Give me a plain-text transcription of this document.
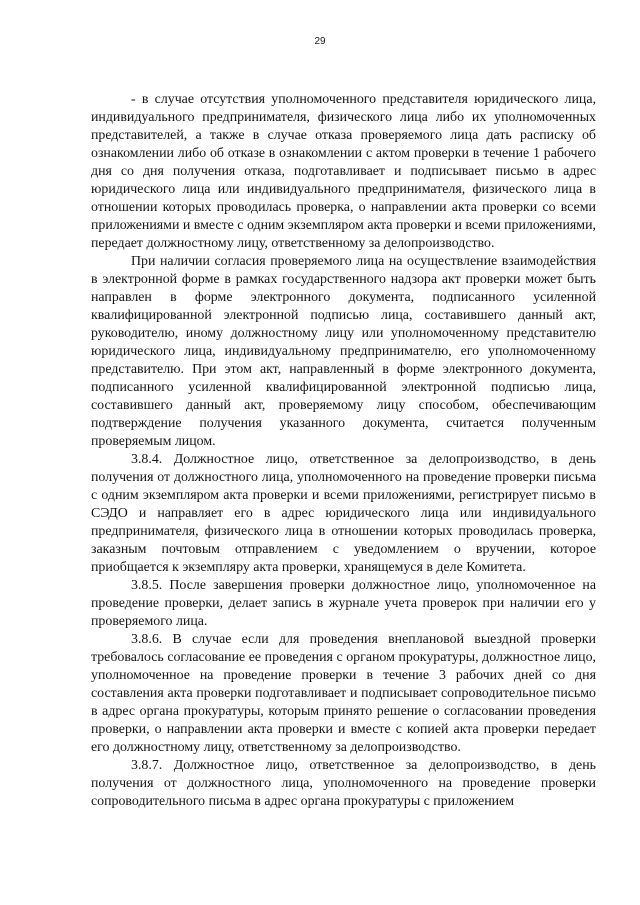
29

- в случае отсутствия уполномоченного представителя юридического лица, индивидуального предпринимателя, физического лица либо их уполномоченных представителей, а также в случае отказа проверяемого лица дать расписку об ознакомлении либо об отказе в ознакомлении с актом проверки в течение 1 рабочего дня со дня получения отказа, подготавливает и подписывает письмо в адрес юридического лица или индивидуального предпринимателя, физического лица в отношении которых проводилась проверка, о направлении акта проверки со всеми приложениями и вместе с одним экземпляром акта проверки и всеми приложениями, передает должностному лицу, ответственному за делопроизводство.

При наличии согласия проверяемого лица на осуществление взаимодействия в электронной форме в рамках государственного надзора акт проверки может быть направлен в форме электронного документа, подписанного усиленной квалифицированной электронной подписью лица, составившего данный акт, руководителю, иному должностному лицу или уполномоченному представителю юридического лица, индивидуальному предпринимателю, его уполномоченному представителю. При этом акт, направленный в форме электронного документа, подписанного усиленной квалифицированной электронной подписью лица, составившего данный акт, проверяемому лицу способом, обеспечивающим подтверждение получения указанного документа, считается полученным проверяемым лицом.

3.8.4. Должностное лицо, ответственное за делопроизводство, в день получения от должностного лица, уполномоченного на проведение проверки письма с одним экземпляром акта проверки и всеми приложениями, регистрирует письмо в СЭДО и направляет его в адрес юридического лица или индивидуального предпринимателя, физического лица в отношении которых проводилась проверка, заказным почтовым отправлением с уведомлением о вручении, которое приобщается к экземпляру акта проверки, хранящемуся в деле Комитета.

3.8.5. После завершения проверки должностное лицо, уполномоченное на проведение проверки, делает запись в журнале учета проверок при наличии его у проверяемого лица.

3.8.6. В случае если для проведения внеплановой выездной проверки требовалось согласование ее проведения с органом прокуратуры, должностное лицо, уполномоченное на проведение проверки в течение 3 рабочих дней со дня составления акта проверки подготавливает и подписывает сопроводительное письмо в адрес органа прокуратуры, которым принято решение о согласовании проведения проверки, о направлении акта проверки и вместе с копией акта проверки передает его должностному лицу, ответственному за делопроизводство.

3.8.7. Должностное лицо, ответственное за делопроизводство, в день получения от должностного лица, уполномоченного на проведение проверки сопроводительного письма в адрес органа прокуратуры с приложением
